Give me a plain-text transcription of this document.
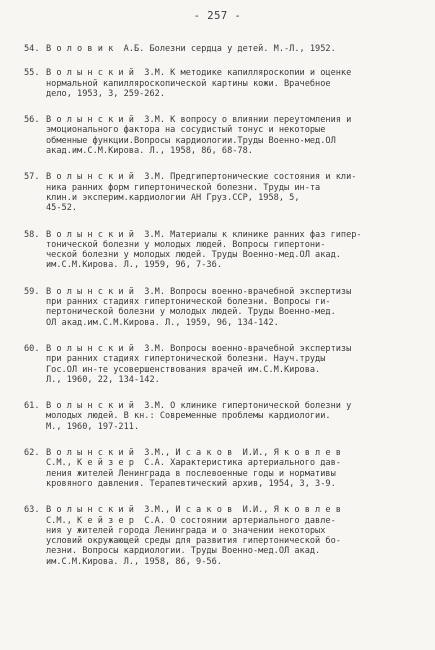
- 257 -
54. В о л о в и к  А.Б. Болезни сердца у детей. М.-Л., 1952.
55. В о л ы н с к и й  З.М. К методике капилляроскопии и оценке
нормальной капилляроскопической картины кожи. Врачебное
дело, 1953, 3, 259-262.
56. В о л ы н с к и й  З.М. К вопросу о влиянии переутомления и
эмоционального фактора на сосудистый тонус и некоторые
обменные функции.Вопросы кардиологии.Труды Военно-мед.ОЛ
акад.им.С.М.Кирова. Л., 1958, 86, 68-78.
57. В о л ы н с к и й  З.М. Предгипертонические состояния и кли-
ника ранних форм гипертонической болезни. Труды ин-та
клин.и эксперим.кардиологии АН Груз.ССР, 1958, 5,
45-52.
58. В о л ы н с к и й  З.М. Материалы к клинике ранних фаз гипер-
тонической болезни у молодых людей. Вопросы гипертони-
ческой болезни у молодых людей. Труды Военно-мед.ОЛ акад.
им.С.М.Кирова. Л., 1959, 96, 7-36.
59. В о л ы н с к и й  З.М. Вопросы военно-врачебной экспертизы
при ранних стадиях гипертонической болезни. Вопросы ги-
пертонической болезни у молодых людей. Труды Военно-мед.
ОЛ акад.им.С.М.Кирова. Л., 1959, 96, 134-142.
60. В о л ы н с к и й  З.М. Вопросы военно-врачебной экспертизы
при ранних стадиях гипертонической болезни. Науч.труды
Гос.ОЛ ин-те усовершенствования врачей им.С.М.Кирова.
Л., 1960, 22, 134-142.
61. В о л ы н с к и й  З.М. О клинике гипертонической болезни у
молодых людей. В кн.: Современные проблемы кардиологии.
М., 1960, 197-211.
62. В о л ы н с к и й  З.М., И с а к о в  И.И., Я к о в л е в
С.М., К е й з е р  С.А. Характеристика артериального дав-
ления жителей Ленинграда в послевоенные годы и нормативы
кровяного давления. Терапевтический архив, 1954, 3, 3-9.
63. В о л ы н с к и й  З.М., И с а к о в  И.И., Я к о в л е в
С.М., К е й з е р  С.А. О состоянии артериального давле-
ния у жителей города Ленинграда и о значении некоторых
условий окружающей среды для развития гипертонической бо-
лезни. Вопросы кардиологии. Труды Военно-мед.ОЛ акад.
им.С.М.Кирова. Л., 1958, 86, 9-56.
